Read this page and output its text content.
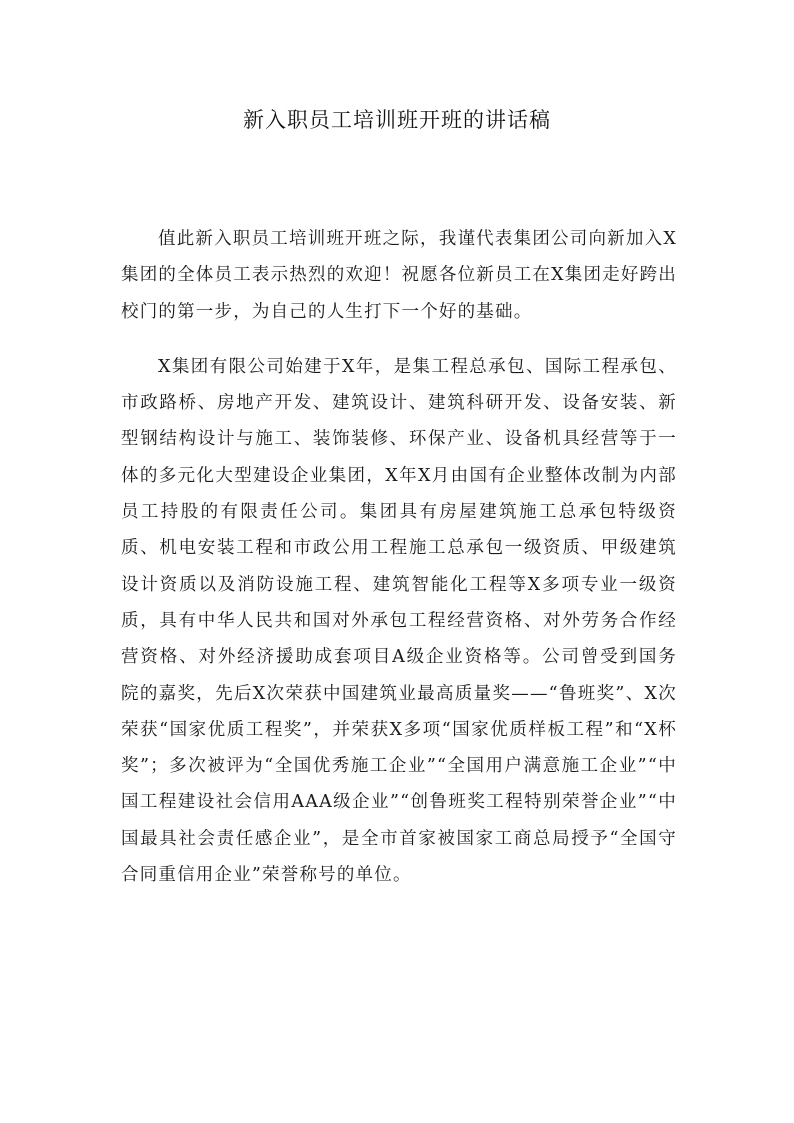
新入职员工培训班开班的讲话稿

值此新入职员工培训班开班之际，我谨代表集团公司向新加入X集团的全体员工表示热烈的欢迎！祝愿各位新员工在X集团走好跨出校门的第一步，为自己的人生打下一个好的基础。

X集团有限公司始建于X年，是集工程总承包、国际工程承包、市政路桥、房地产开发、建筑设计、建筑科研开发、设备安装、新型钢结构设计与施工、装饰装修、环保产业、设备机具经营等于一体的多元化大型建设企业集团，X年X月由国有企业整体改制为内部员工持股的有限责任公司。集团具有房屋建筑施工总承包特级资质、机电安装工程和市政公用工程施工总承包一级资质、甲级建筑设计资质以及消防设施工程、建筑智能化工程等X多项专业一级资质，具有中华人民共和国对外承包工程经营资格、对外劳务合作经营资格、对外经济援助成套项目A级企业资格等。公司曾受到国务院的嘉奖，先后X次荣获中国建筑业最高质量奖——“鲁班奖”、X次荣获“国家优质工程奖”，并荣获X多项“国家优质样板工程”和“X杯奖”；多次被评为“全国优秀施工企业”“全国用户满意施工企业”“中国工程建设社会信用AAA级企业”“创鲁班奖工程特别荣誉企业”“中国最具社会责任感企业”，是全市首家被国家工商总局授予“全国守合同重信用企业”荣誉称号的单位。
